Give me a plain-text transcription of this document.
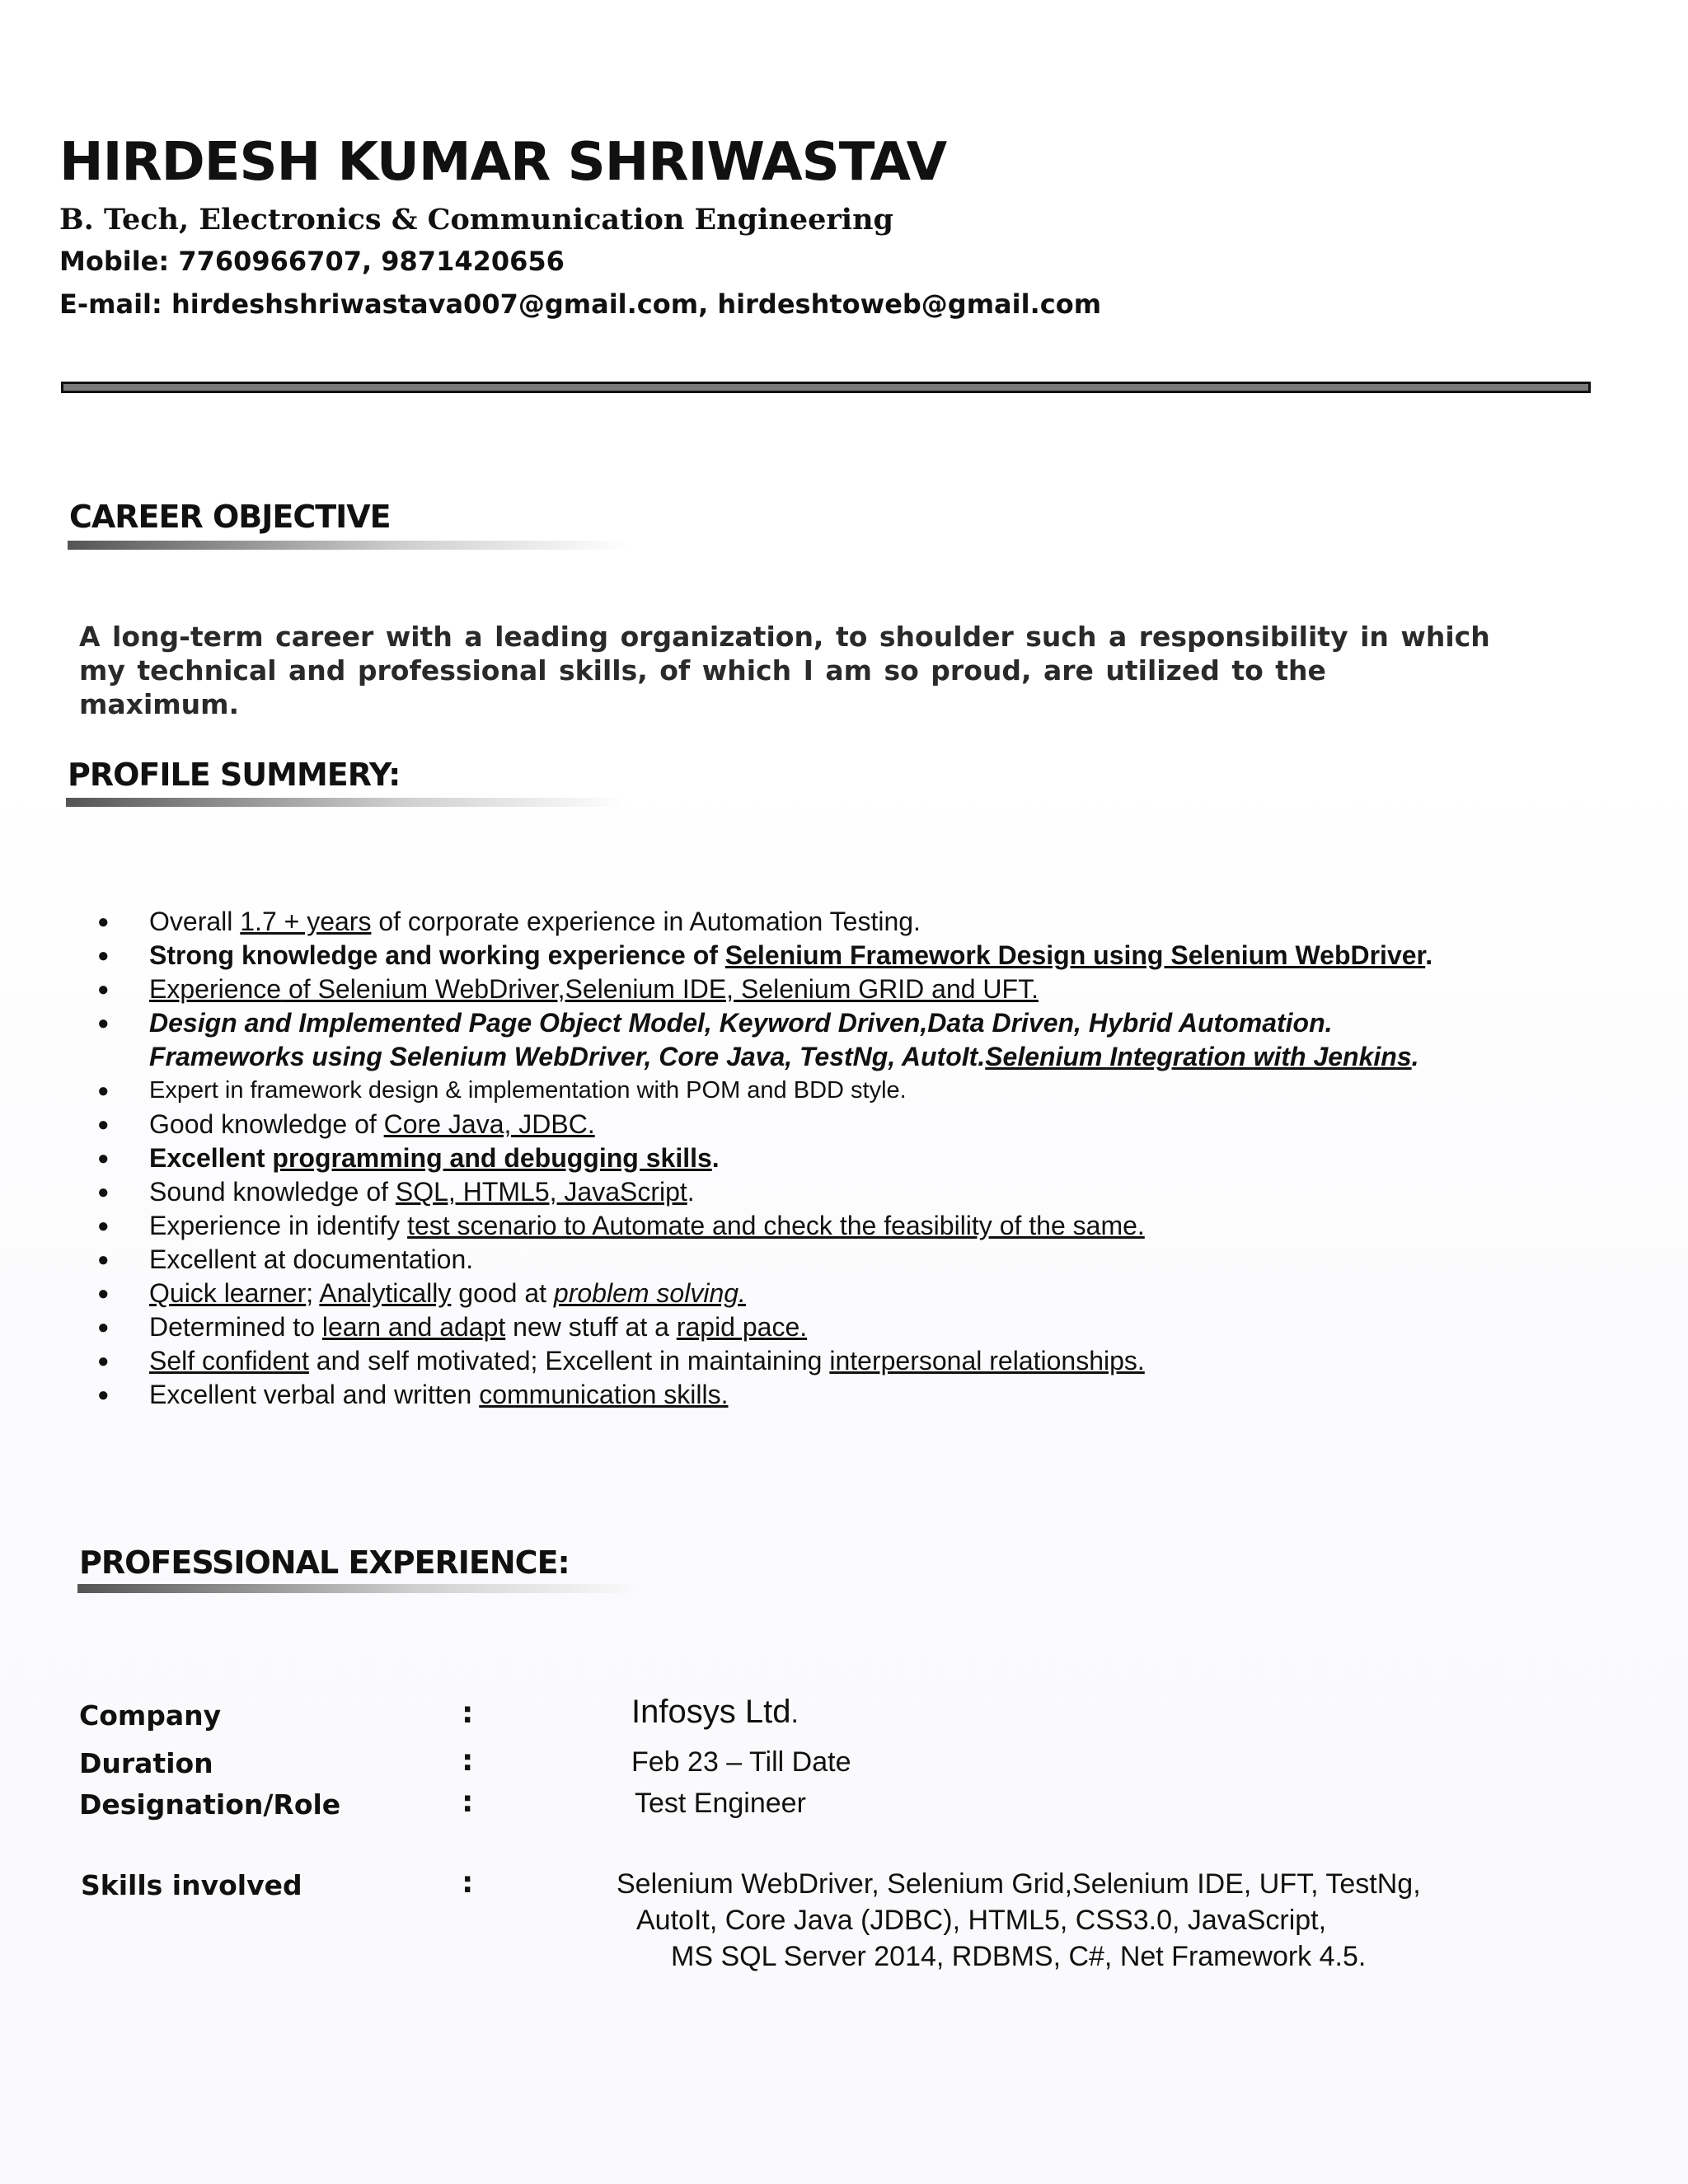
HIRDESH KUMAR SHRIWASTAV
B. Tech, Electronics & Communication Engineering
Mobile: 7760966707, 9871420656
E-mail: hirdeshshriwastava007@gmail.com, hirdeshtoweb@gmail.com
CAREER OBJECTIVE
A long-term career with a leading organization, to shoulder such a responsibility in which my technical and professional skills, of which I am so proud, are utilized to the maximum.
PROFILE SUMMERY:
● Overall 1.7 + years of corporate experience in Automation Testing.
● Strong knowledge and working experience of Selenium Framework Design using Selenium WebDriver.
● Experience of Selenium WebDriver,Selenium IDE, Selenium GRID and UFT.
● Design and Implemented Page Object Model, Keyword Driven,Data Driven, Hybrid Automation. Frameworks using Selenium WebDriver, Core Java, TestNg, AutoIt.Selenium Integration with Jenkins.
● Expert in framework design & implementation with POM and BDD style.
● Good knowledge of Core Java, JDBC.
● Excellent programming and debugging skills.
● Sound knowledge of SQL, HTML5, JavaScript.
● Experience in identify test scenario to Automate and check the feasibility of the same.
● Excellent at documentation.
● Quick learner; Analytically good at problem solving.
● Determined to learn and adapt new stuff at a rapid pace.
● Self confident and self motivated; Excellent in maintaining interpersonal relationships.
● Excellent verbal and written communication skills.
PROFESSIONAL EXPERIENCE:
Company	:	Infosys Ltd.
Duration	:	Feb 23 – Till Date
Designation/Role	:	Test Engineer
Skills involved	:	Selenium WebDriver, Selenium Grid,Selenium IDE, UFT, TestNg,
AutoIt, Core Java (JDBC), HTML5, CSS3.0, JavaScript,
MS SQL Server 2014, RDBMS, C#, Net Framework 4.5.
